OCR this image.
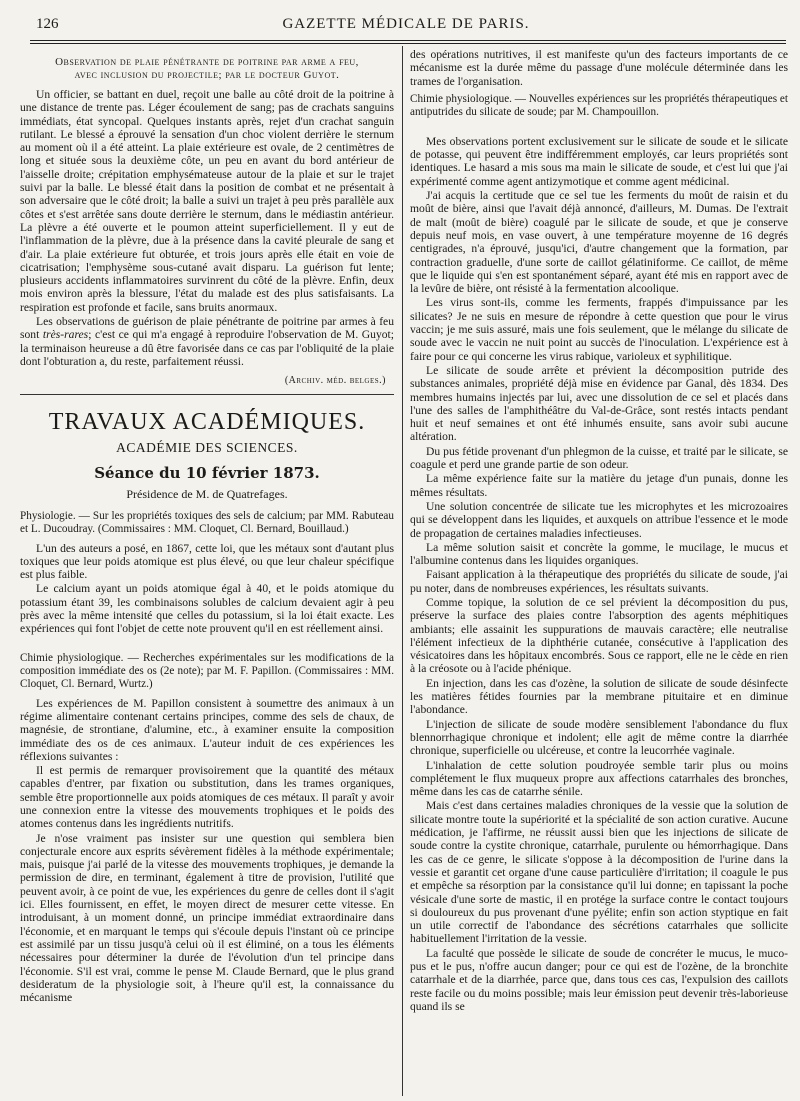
126	GAZETTE MÉDICALE DE PARIS.
Observation de plaie pénétrante de poitrine par arme a feu,
avec inclusion du projectile; par le docteur Guyot.

Un officier, se battant en duel, reçoit une balle au côté droit de la poitrine à une distance de trente pas. Léger écoulement de sang; pas de crachats sanguins immédiats, état syncopal. Quelques instants après, rejet d'un crachat sanguin rutilant. Le blessé a éprouvé la sensation d'un choc violent derrière le sternum au moment où il a été atteint. La plaie extérieure est ovale, de 2 centimètres de long et située sous la deuxième côte, un peu en avant du bord antérieur de l'aisselle droite; crépitation emphysémateuse autour de la plaie et sur le trajet suivi par la balle. Le blessé était dans la position de combat et ne présentait à son adversaire que le côté droit; la balle a suivi un trajet à peu près parallèle aux côtes et s'est arrêtée sans doute derrière le sternum, dans le médiastin antérieur. La plèvre a été ouverte et le poumon atteint superficiellement. Il y eut de l'inflammation de la plèvre, due à la présence dans la cavité pleurale de sang et d'air. La plaie extérieure fut obturée, et trois jours après elle était en voie de cicatrisation; l'emphysème sous-cutané avait disparu. La guérison fut lente; plusieurs accidents inflammatoires survinrent du côté de la plèvre. Enfin, deux mois environ après la blessure, l'état du malade est des plus satisfaisants. La respiration est profonde et facile, sans bruits anormaux.

Les observations de guérison de plaie pénétrante de poitrine par armes à feu sont très-rares; c'est ce qui m'a engagé à reproduire l'observation de M. Guyot; la terminaison heureuse a dû être favorisée dans ce cas par l'obliquité de la plaie dont l'obturation a, du reste, parfaitement réussi.

(Archiv. méd. belges.)

TRAVAUX ACADÉMIQUES.
ACADÉMIE DES SCIENCES.
Séance du 10 février 1873.
Présidence de M. de Quatrefages.

Physiologie. — Sur les propriétés toxiques des sels de calcium; par MM. Rabuteau et L. Ducoudray. (Commissaires : MM. Cloquet, Cl. Bernard, Bouillaud.)

L'un des auteurs a posé, en 1867, cette loi, que les métaux sont d'autant plus toxiques que leur poids atomique est plus élevé, ou que leur chaleur spécifique est plus faible.

Le calcium ayant un poids atomique égal à 40, et le poids atomique du potassium étant 39, les combinaisons solubles de calcium devaient agir à peu près avec la même intensité que celles du potassium, si la loi était exacte. Les expériences qui font l'objet de cette note prouvent qu'il en est réellement ainsi.

Chimie physiologique. — Recherches expérimentales sur les modifications de la composition immédiate des os (2e note); par M. F. Papillon. (Commissaires : MM. Cloquet, Cl. Bernard, Wurtz.)

Les expériences de M. Papillon consistent à soumettre des animaux à un régime alimentaire contenant certains principes, comme des sels de chaux, de magnésie, de strontiane, d'alumine, etc., à examiner ensuite la composition immédiate des os de ces animaux. L'auteur induit de ces expériences les réflexions suivantes :

Il est permis de remarquer provisoirement que la quantité des métaux capables d'entrer, par fixation ou substitution, dans les trames organiques, semble être proportionnelle aux poids atomiques de ces métaux. Il paraît y avoir une connexion entre la vitesse des mouvements trophiques et le poids des atomes contenus dans les ingrédients nutritifs.

Je n'ose vraiment pas insister sur une question qui semblera bien conjecturale encore aux esprits sévèrement fidèles à la méthode expérimentale; mais, puisque j'ai parlé de la vitesse des mouvements trophiques, je demande la permission de dire, en terminant, également à titre de provision, l'utilité que peuvent avoir, à ce point de vue, les expériences du genre de celles dont il s'agit ici. Elles fournissent, en effet, le moyen direct de mesurer cette vitesse. En introduisant, à un moment donné, un principe immédiat extraordinaire dans l'économie, et en marquant le temps qui s'écoule depuis l'instant où ce principe est assimilé par un tissu jusqu'à celui où il est éliminé, on a tous les éléments nécessaires pour déterminer la durée de l'évolution d'un tel principe dans l'économie. S'il est vrai, comme le pense M. Claude Bernard, que le plus grand desideratum de la physiologie soit, à l'heure qu'il est, la connaissance du mécanisme

des opérations nutritives, il est manifeste qu'un des facteurs importants de ce mécanisme est la durée même du passage d'une molécule déterminée dans les trames de l'organisation.

Chimie physiologique. — Nouvelles expériences sur les propriétés thérapeutiques et antiputrides du silicate de soude; par M. Champouillon.

Mes observations portent exclusivement sur le silicate de soude et le silicate de potasse, qui peuvent être indifféremment employés, car leurs propriétés sont identiques. Le hasard a mis sous ma main le silicate de soude, et c'est lui que j'ai expérimenté comme agent antizymotique et comme agent médicinal.

J'ai acquis la certitude que ce sel tue les ferments du moût de raisin et du moût de bière, ainsi que l'avait déjà annoncé, d'ailleurs, M. Dumas. De l'extrait de malt (moût de bière) coagulé par le silicate de soude, et que je conserve depuis neuf mois, en vase ouvert, à une température moyenne de 16 degrés centigrades, n'a éprouvé, jusqu'ici, d'autre changement que la formation, par contraction graduelle, d'une sorte de caillot gélatiniforme. Ce caillot, de même que le liquide qui s'en est spontanément séparé, ayant été mis en rapport avec de la levûre de bière, ont résisté à la fermentation alcoolique.

Les virus sont-ils, comme les ferments, frappés d'impuissance par les silicates? Je ne suis en mesure de répondre à cette question que pour le virus vaccin; je me suis assuré, mais une fois seulement, que le mélange du silicate de soude avec le vaccin ne nuit point au succès de l'inoculation. L'expérience est à faire pour ce qui concerne les virus rabique, varioleux et syphilitique.

Le silicate de soude arrête et prévient la décomposition putride des substances animales, propriété déjà mise en évidence par Ganal, dès 1834. Des membres humains injectés par lui, avec une dissolution de ce sel et placés dans l'une des salles de l'amphithéâtre du Val-de-Grâce, sont restés intacts pendant huit et neuf semaines et ont été inhumés ensuite, sans avoir subi aucune altération.

Du pus fétide provenant d'un phlegmon de la cuisse, et traité par le silicate, se coagule et perd une grande partie de son odeur.

La même expérience faite sur la matière du jetage d'un punais, donne les mêmes résultats.

Une solution concentrée de silicate tue les microphytes et les microzoaires qui se développent dans les liquides, et auxquels on attribue l'essence et le mode de propagation de certaines maladies infectieuses.

La même solution saisit et concrète la gomme, le mucilage, le mucus et l'albumine contenus dans les liquides organiques.

Faisant application à la thérapeutique des propriétés du silicate de soude, j'ai pu noter, dans de nombreuses expériences, les résultats suivants.

Comme topique, la solution de ce sel prévient la décomposition du pus, préserve la surface des plaies contre l'absorption des agents méphitiques ambiants; elle assainit les suppurations de mauvais caractère; elle neutralise l'élément infectieux de la diphthérie cutanée, consécutive à l'application des vésicatoires dans les hôpitaux encombrés. Sous ce rapport, elle ne le cède en rien à la créosote ou à l'acide phénique.

En injection, dans les cas d'ozène, la solution de silicate de soude désinfecte les matières fétides fournies par la membrane pituitaire et en diminue l'abondance.

L'injection de silicate de soude modère sensiblement l'abondance du flux blennorrhagique chronique et indolent; elle agit de même contre la diarrhée chronique, superficielle ou ulcéreuse, et contre la leucorrhée vaginale.

L'inhalation de cette solution poudroyée semble tarir plus ou moins complétement le flux muqueux propre aux affections catarrhales des bronches, même dans les cas de catarrhe sénile.

Mais c'est dans certaines maladies chroniques de la vessie que la solution de silicate montre toute la supériorité et la spécialité de son action curative. Aucune médication, je l'affirme, ne réussit aussi bien que les injections de silicate de soude contre la cystite chronique, catarrhale, purulente ou hémorrhagique. Dans les cas de ce genre, le silicate s'oppose à la décomposition de l'urine dans la vessie et garantit cet organe d'une cause particulière d'irritation; il coagule le pus et empêche sa résorption par la consistance qu'il lui donne; en tapissant la poche vésicale d'une sorte de mastic, il en protége la surface contre le contact toujours si douloureux du pus provenant d'une pyélite; enfin son action styptique en fait un utile correctif de l'abondance des sécrétions catarrhales que sollicite habituellement l'irritation de la vessie.

La faculté que possède le silicate de soude de concréter le mucus, le muco-pus et le pus, n'offre aucun danger; pour ce qui est de l'ozène, de la bronchite catarrhale et de la diarrhée, parce que, dans tous ces cas, l'expulsion des caillots reste facile ou du moins possible; mais leur émission peut devenir très-laborieuse quand ils se
